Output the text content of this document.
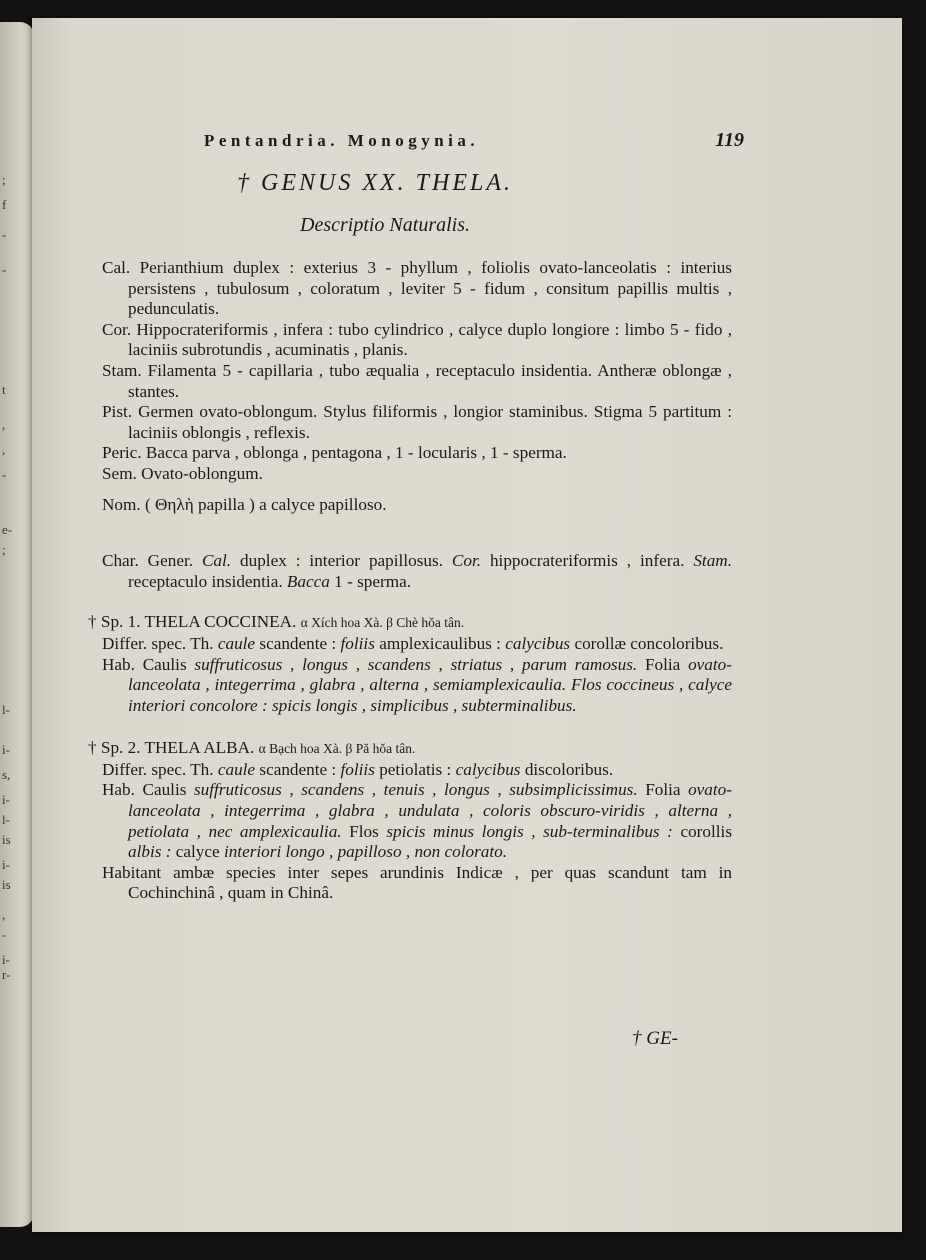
;
f
-
-
t
,
,
-
e-
;
l-
i-
s,
i-
l-
is
i-
is
,
-
i-
r-
Pentandria. Monogynia.	119
† GENUS XX. THELA.
Descriptio Naturalis.

Cal. Perianthium duplex : exterius 3 - phyllum , foliolis ovato-lanceolatis : interius persistens , tubulosum , coloratum , leviter 5 - fidum , consitum papillis multis , pedunculatis.

Cor. Hippocrateriformis , infera : tubo cylindrico , calyce duplo longiore : limbo 5 - fido , laciniis subrotundis , acuminatis , planis.

Stam. Filamenta 5 - capillaria , tubo æqualia , receptaculo insidentia. Antheræ oblongæ , stantes.

Pist. Germen ovato-oblongum. Stylus filiformis , longior staminibus. Stigma 5 partitum : laciniis oblongis , reflexis.

Peric. Bacca parva , oblonga , pentagona , 1 - locularis , 1 - sperma.

Sem. Ovato-oblongum.

Nom. ( Θηλὴ papilla ) a calyce papilloso.

Char. Gener. Cal. duplex : interior papillosus. Cor. hippocrateriformis , infera. Stam. receptaculo insidentia. Bacca 1 - sperma.

† Sp. 1. THELA COCCINEA. α Xích hoa Xà. β Chè hŏa tân.

Differ. spec. Th. caule scandente : foliis amplexicaulibus : calycibus corollæ concoloribus.

Hab. Caulis suffruticosus , longus , scandens , striatus , parum ramosus. Folia ovato-lanceolata , integerrima , glabra , alterna , semiamplexicaulia. Flos coccineus , calyce interiori concolore : spicis longis , simplicibus , subterminalibus.

† Sp. 2. THELA ALBA. α Bạch hoa Xà. β Pă hŏa tân.

Differ. spec. Th. caule scandente : foliis petiolatis : calycibus discoloribus.

Hab. Caulis suffruticosus , scandens , tenuis , longus , subsimplicissimus. Folia ovato-lanceolata , integerrima , glabra , undulata , coloris obscuro-viridis , alterna , petiolata , nec amplexicaulia. Flos spicis minus longis , sub-terminalibus : corollis albis : calyce interiori longo , papilloso , non colorato.

Habitant ambæ species inter sepes arundinis Indicæ , per quas scandunt tam in Cochinchinâ , quam in Chinâ.

† GE-
